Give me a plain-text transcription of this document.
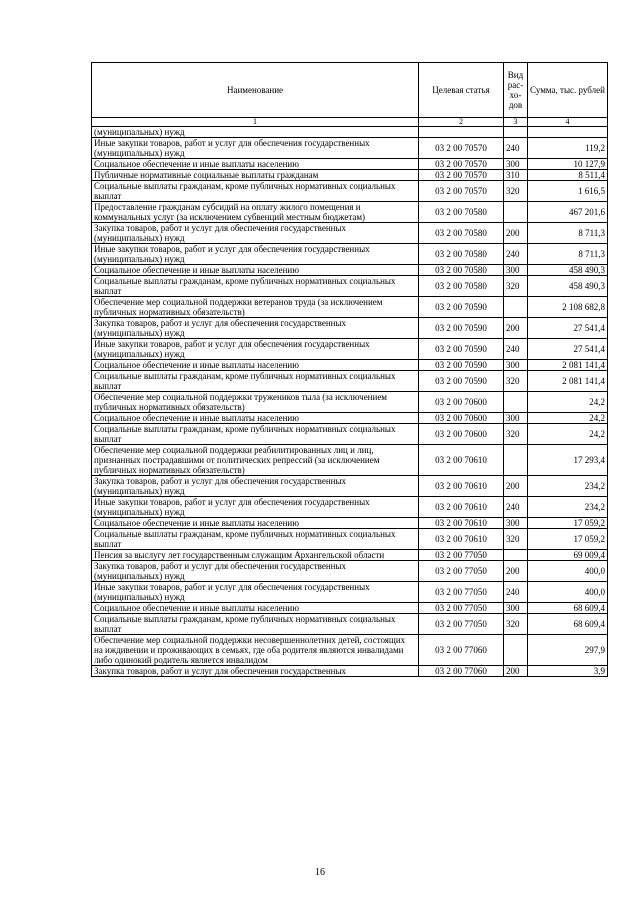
Наименование	Целевая статья	Вид рас-хо-дов	Сумма, тыс. рублей
1	2	3	4
(муниципальных) нужд			
Иные закупки товаров, работ и услуг для обеспечения государственных (муниципальных) нужд	03 2 00 70570	240	119,2
Социальное обеспечение и иные выплаты населению	03 2 00 70570	300	10 127,9
Публичные нормативные социальные выплаты гражданам	03 2 00 70570	310	8 511,4
Социальные выплаты гражданам, кроме публичных нормативных социальных выплат	03 2 00 70570	320	1 616,5
Предоставление гражданам субсидий на оплату жилого помещения и коммунальных услуг (за исключением субвенций местным бюджетам)	03 2 00 70580		467 201,6
Закупка товаров, работ и услуг для обеспечения государственных (муниципальных) нужд	03 2 00 70580	200	8 711,3
Иные закупки товаров, работ и услуг для обеспечения государственных (муниципальных) нужд	03 2 00 70580	240	8 711,3
Социальное обеспечение и иные выплаты населению	03 2 00 70580	300	458 490,3
Социальные выплаты гражданам, кроме публичных нормативных социальных выплат	03 2 00 70580	320	458 490,3
Обеспечение мер социальной поддержки ветеранов труда (за исключением публичных нормативных обязательств)	03 2 00 70590		2 108 682,8
Закупка товаров, работ и услуг для обеспечения государственных (муниципальных) нужд	03 2 00 70590	200	27 541,4
Иные закупки товаров, работ и услуг для обеспечения государственных (муниципальных) нужд	03 2 00 70590	240	27 541,4
Социальное обеспечение и иные выплаты населению	03 2 00 70590	300	2 081 141,4
Социальные выплаты гражданам, кроме публичных нормативных социальных выплат	03 2 00 70590	320	2 081 141,4
Обеспечение мер социальной поддержки тружеников тыла (за исключением публичных нормативных обязательств)	03 2 00 70600		24,2
Социальное обеспечение и иные выплаты населению	03 2 00 70600	300	24,2
Социальные выплаты гражданам, кроме публичных нормативных социальных выплат	03 2 00 70600	320	24,2
Обеспечение мер социальной поддержки реабилитированных лиц и лиц, признанных пострадавшими от политических репрессий (за исключением публичных нормативных обязательств)	03 2 00 70610		17 293,4
Закупка товаров, работ и услуг для обеспечения государственных (муниципальных) нужд	03 2 00 70610	200	234,2
Иные закупки товаров, работ и услуг для обеспечения государственных (муниципальных) нужд	03 2 00 70610	240	234,2
Социальное обеспечение и иные выплаты населению	03 2 00 70610	300	17 059,2
Социальные выплаты гражданам, кроме публичных нормативных социальных выплат	03 2 00 70610	320	17 059,2
Пенсия за выслугу лет государственным служащим Архангельской области	03 2 00 77050		69 009,4
Закупка товаров, работ и услуг для обеспечения государственных (муниципальных) нужд	03 2 00 77050	200	400,0
Иные закупки товаров, работ и услуг для обеспечения государственных (муниципальных) нужд	03 2 00 77050	240	400,0
Социальное обеспечение и иные выплаты населению	03 2 00 77050	300	68 609,4
Социальные выплаты гражданам, кроме публичных нормативных социальных выплат	03 2 00 77050	320	68 609,4
Обеспечение мер социальной поддержки несовершеннолетних детей, состоящих на иждивении и проживающих в семьях, где оба родителя являются инвалидами либо одинокий родитель является инвалидом	03 2 00 77060		297,9
Закупка товаров, работ и услуг для обеспечения государственных	03 2 00 77060	200	3,9
16
